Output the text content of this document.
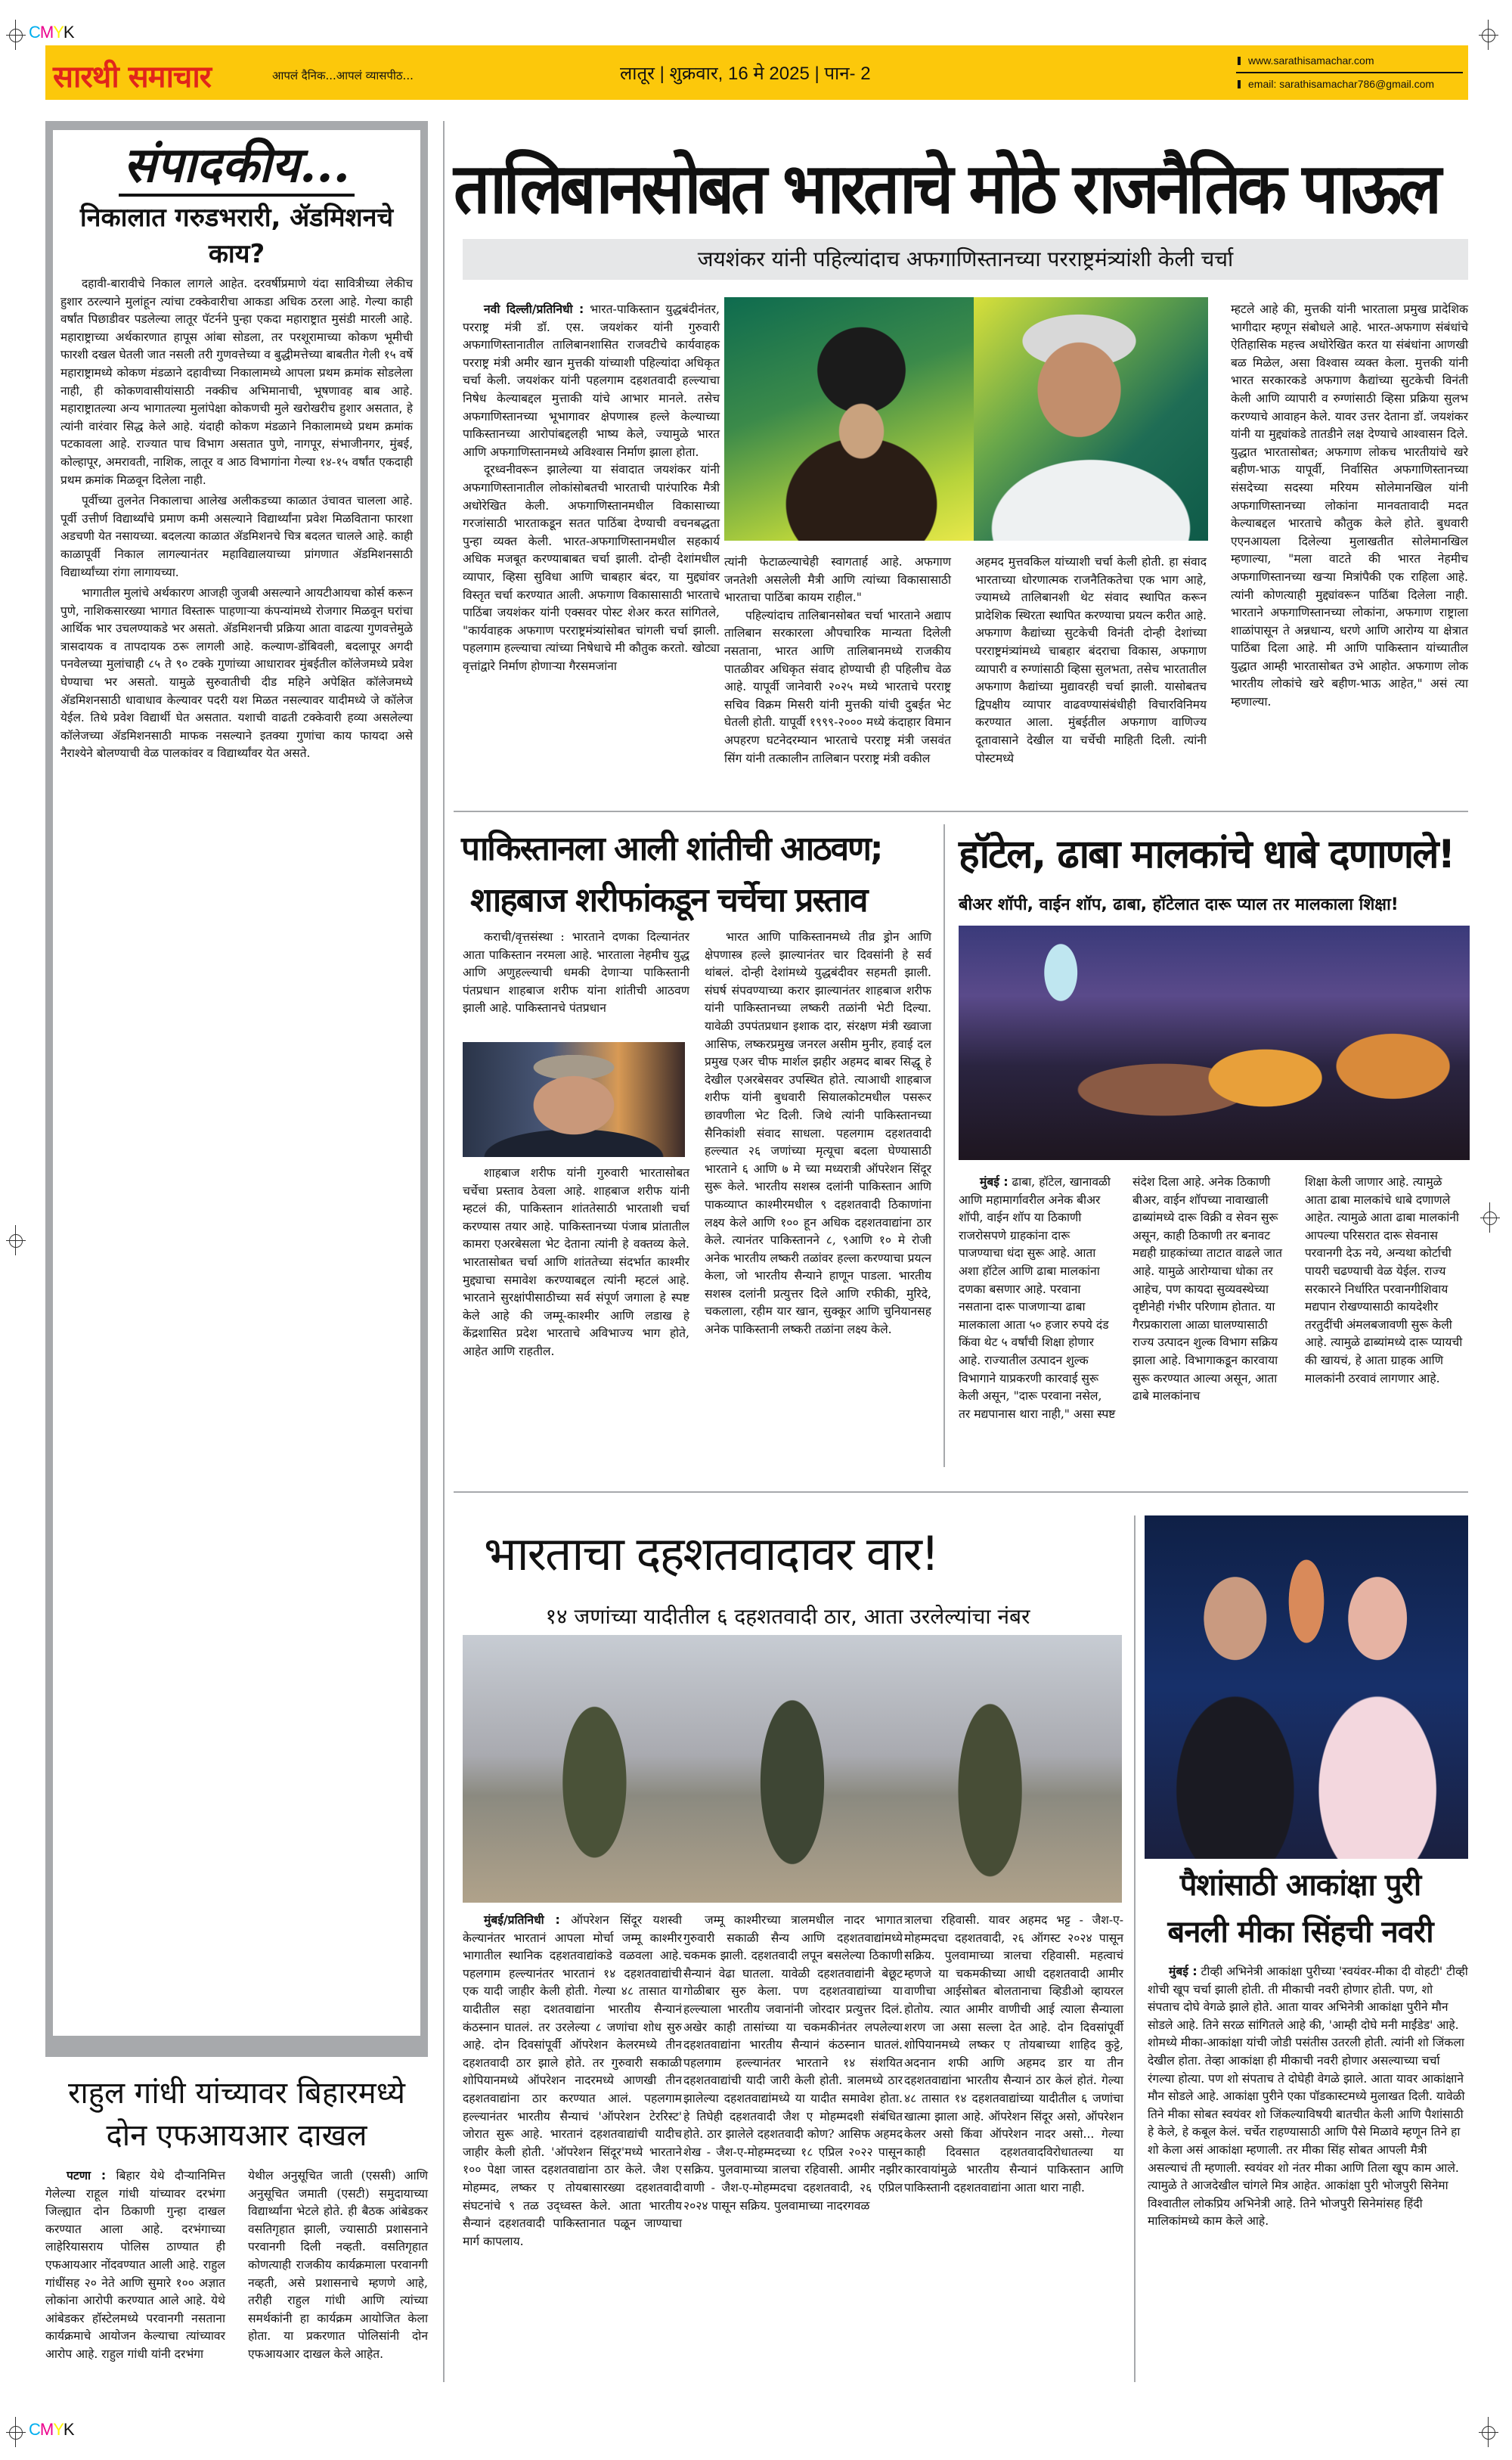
CMYK
CMYK
सारथी समाचार	आपलं दैनिक...आपलं व्यासपीठ...	लातूर | शुक्रवार, 16 मे 2025 | पान- 2
www.sarathisamachar.com
email: sarathisamachar786@gmail.com
संपादकीय...
निकालात गरुडभरारी, ॲडमिशनचे काय?

दहावी-बारावीचे निकाल लागले आहेत. दरवर्षीप्रमाणे यंदा सावित्रीच्या लेकीच हुशार ठरल्याने मुलांहून त्यांचा टक्केवारीचा आकडा अधिक ठरला आहे. गेल्या काही वर्षांत पिछाडीवर पडलेल्या लातूर पॅटर्नने पुन्हा एकदा महाराष्ट्रात मुसंडी मारली आहे. महाराष्ट्राच्या अर्थकारणात हापूस आंबा सोडला, तर परशूरामाच्या कोकण भूमीची फारशी दखल घेतली जात नसली तरी गुणवत्तेच्या व बुद्धीमत्तेच्या बाबतीत गेली १५ वर्षे महाराष्ट्रामध्ये कोकण मंडळाने दहावीच्या निकालामध्ये आपला प्रथम क्रमांक सोडलेला नाही, ही कोकणवासीयांसाठी नक्कीच अभिमानाची, भूषणावह बाब आहे. महाराष्ट्रातल्या अन्य भागातल्या मुलांपेक्षा कोकणची मुले खरोखरीच हुशार असतात, हे त्यांनी वारंवार सिद्ध केले आहे. यंदाही कोकण मंडळाने निकालामध्ये प्रथम क्रमांक पटकावला आहे. राज्यात पाच विभाग असतात पुणे, नागपूर, संभाजीनगर, मुंबई, कोल्हापूर, अमरावती, नाशिक, लातूर व आठ विभागांना गेल्या १४-१५ वर्षांत एकदाही प्रथम क्रमांक मिळवून दिलेला नाही.

पूर्वीच्या तुलनेत निकालाचा आलेख अलीकडच्या काळात उंचावत चालला आहे. पूर्वी उत्तीर्ण विद्यार्थ्यांचे प्रमाण कमी असल्याने विद्यार्थ्यांना प्रवेश मिळविताना फारशा अडचणी येत नसायच्या. बदलत्या काळात ॲडमिशनचे चित्र बदलत चालले आहे. काही काळापूर्वी निकाल लागल्यानंतर महाविद्यालयाच्या प्रांगणात ॲडमिशनसाठी विद्यार्थ्यांच्या रांगा लागायच्या.

भागातील मुलांचे अर्थकारण आजही जुजबी असल्याने आयटीआयचा कोर्स करून पुणे, नाशिकसारख्या भागात विस्तारू पाहणाऱ्या कंपन्यांमध्ये रोजगार मिळवून घरांचा आर्थिक भार उचलण्याकडे भर असतो. ॲडमिशनची प्रक्रिया आता वाढत्या गुणवत्तेमुळे त्रासदायक व तापदायक ठरू लागली आहे. कल्याण-डोंबिवली, बदलापूर अगदी पनवेलच्या मुलांचाही ८५ ते ९० टक्के गुणांच्या आधारावर मुंबईतील कॉलेजमध्ये प्रवेश घेण्याचा भर असतो. यामुळे सुरुवातीची दीड महिने अपेक्षित कॉलेजमध्ये ॲडमिशनसाठी धावाधाव केल्यावर पदरी यश मिळत नसल्यावर यादीमध्ये जे कॉलेज येईल. तिथे प्रवेश विद्यार्थी घेत असतात. यशाची वाढती टक्केवारी हव्या असलेल्या कॉलेजच्या ॲडमिशनसाठी माफक नसल्याने इतक्या गुणांचा काय फायदा असे नैराश्येने बोलण्याची वेळ पालकांवर व विद्यार्थ्यांवर येत असते.

राहुल गांधी यांच्यावर बिहारमध्ये
दोन एफआयआर दाखल

पटणा : बिहार येथे दौऱ्यानिमित्त गेलेल्या राहूल गांधी यांच्यावर दरभंगा जिल्ह्यात दोन ठिकाणी गुन्हा दाखल करण्यात आला आहे. दरभंगाच्या लाहेरियासराय पोलिस ठाण्यात ही एफआयआर नोंदवण्यात आली आहे. राहुल गांधींसह २० नेते आणि सुमारे १०० अज्ञात लोकांना आरोपी करण्यात आले आहे. येथे आंबेडकर हॉस्टेलमध्ये परवानगी नसताना कार्यक्रमाचे आयोजन केल्याचा त्यांच्यावर आरोप आहे. राहुल गांधी यांनी दरभंगा

येथील अनुसूचित जाती (एससी) आणि अनुसूचित जमाती (एसटी) समुदायाच्या विद्यार्थ्यांना भेटले होते. ही बैठक आंबेडकर वसतिगृहात झाली, ज्यासाठी प्रशासनाने परवानगी दिली नव्हती. वसतिगृहात कोणत्याही राजकीय कार्यक्रमाला परवानगी नव्हती, असे प्रशासनाचे म्हणणे आहे, तरीही राहुल गांधी आणि त्यांच्या समर्थकांनी हा कार्यक्रम आयोजित केला होता. या प्रकरणात पोलिसांनी दोन एफआयआर दाखल केले आहेत.

तालिबानसोबत भारताचे मोठे राजनैतिक पाऊल
जयशंकर यांनी पहिल्यांदाच अफगाणिस्तानच्या परराष्ट्रमंत्र्यांशी केली चर्चा

नवी दिल्ली/प्रतिनिधी : भारत-पाकिस्तान युद्धबंदीनंतर, परराष्ट्र मंत्री डॉ. एस. जयशंकर यांनी गुरुवारी अफगाणिस्तानातील तालिबानशासित राजवटीचे कार्यवाहक परराष्ट्र मंत्री अमीर खान मुत्तकी यांच्याशी पहिल्यांदा अधिकृत चर्चा केली. जयशंकर यांनी पहलगाम दहशतवादी हल्ल्याचा निषेध केल्याबद्दल मुत्ताकी यांचे आभार मानले. तसेच अफगाणिस्तानच्या भूभागावर क्षेपणास्त्र हल्ले केल्याच्या पाकिस्तानच्या आरोपांबद्दलही भाष्य केले, ज्यामुळे भारत आणि अफगाणिस्तानमध्ये अविश्वास निर्माण झाला होता.

दूरध्वनीवरून झालेल्या या संवादात जयशंकर यांनी अफगाणिस्तानातील लोकांसोबतची भारताची पारंपारिक मैत्री अधोरेखित केली. अफगाणिस्तानमधील विकासाच्या गरजांसाठी भारताकडून सतत पाठिंबा देण्याची वचनबद्धता पुन्हा व्यक्त केली. भारत-अफगाणिस्तानमधील सहकार्य अधिक मजबूत करण्याबाबत चर्चा झाली. दोन्ही देशांमधील व्यापार, व्हिसा सुविधा आणि चाबहार बंदर, या मुद्द्यांवर विस्तृत चर्चा करण्यात आली. अफगाण विकासासाठी भारताचे पाठिंबा जयशंकर यांनी एक्सवर पोस्ट शेअर करत सांगितले, "कार्यवाहक अफगाण परराष्ट्रमंत्र्यांसोबत चांगली चर्चा झाली. पहलगाम हल्ल्याचा त्यांच्या निषेधाचे मी कौतुक करतो. खोट्या वृत्तांद्वारे निर्माण होणाऱ्या गैरसमजांना

त्यांनी फेटाळल्याचेही स्वागतार्ह आहे. अफगाण जनतेशी असलेली मैत्री आणि त्यांच्या विकासासाठी भारताचा पाठिंबा कायम राहील."

पहिल्यांदाच तालिबानसोबत चर्चा भारताने अद्याप तालिबान सरकारला औपचारिक मान्यता दिलेली नसताना, भारत आणि तालिबानमध्ये राजकीय पातळीवर अधिकृत संवाद होण्याची ही पहिलीच वेळ आहे. यापूर्वी जानेवारी २०२५ मध्ये भारताचे परराष्ट्र सचिव विक्रम मिसरी यांनी मुत्तकी यांची दुबईत भेट घेतली होती. यापूर्वी १९९९-२००० मध्ये कंदाहार विमान अपहरण घटनेदरम्यान भारताचे परराष्ट्र मंत्री जसवंत सिंग यांनी तत्कालीन तालिबान परराष्ट्र मंत्री वकील

अहमद मुत्तवकिल यांच्याशी चर्चा केली होती. हा संवाद भारताच्या धोरणात्मक राजनैतिकतेचा एक भाग आहे, ज्यामध्ये तालिबानशी थेट संवाद स्थापित करून प्रादेशिक स्थिरता स्थापित करण्याचा प्रयत्न करीत आहे. अफगाण कैद्यांच्या सुटकेची विनंती दोन्ही देशांच्या परराष्ट्रमंत्र्यांमध्ये चाबहार बंदराचा विकास, अफगाण व्यापारी व रुग्णांसाठी व्हिसा सुलभता, तसेच भारतातील अफगाण कैद्यांच्या मुद्यावरही चर्चा झाली. यासोबतच द्विपक्षीय व्यापार वाढवण्यासंबंधीही विचारविनिमय करण्यात आला. मुंबईतील अफगाण वाणिज्य दूतावासाने देखील या चर्चेची माहिती दिली. त्यांनी पोस्टमध्ये

म्हटले आहे की, मुत्तकी यांनी भारताला प्रमुख प्रादेशिक भागीदार म्हणून संबोधले आहे. भारत-अफगाण संबंधांचे ऐतिहासिक महत्त्व अधोरेखित करत या संबंधांना आणखी बळ मिळेल, असा विश्वास व्यक्त केला. मुत्तकी यांनी भारत सरकारकडे अफगाण कैद्यांच्या सुटकेची विनंती केली आणि व्यापारी व रुग्णांसाठी व्हिसा प्रक्रिया सुलभ करण्याचे आवाहन केले. यावर उत्तर देताना डॉ. जयशंकर यांनी या मुद्द्यांकडे तातडीने लक्ष देण्याचे आश्वासन दिले. युद्धात भारतासोबत; अफगाण लोकच भारतीयांचे खरे बहीण-भाऊ यापूर्वी, निर्वासित अफगाणिस्तानच्या संसदेच्या सदस्या मरियम सोलेमानखिल यांनी अफगाणिस्तानच्या लोकांना मानवतावादी मदत केल्याबद्दल भारताचे कौतुक केले होते. बुधवारी एएनआयला दिलेल्या मुलाखतीत सोलेमानखिल म्हणाल्या, "मला वाटते की भारत नेहमीच अफगाणिस्तानच्या खऱ्या मित्रांपैकी एक राहिला आहे. त्यांनी कोणत्याही मुद्द्यांवरून पाठिंबा दिलेला नाही. भारताने अफगाणिस्तानच्या लोकांना, अफगाण राष्ट्राला शाळांपासून ते अन्नधान्य, धरणे आणि आरोग्य या क्षेत्रात पाठिंबा दिला आहे. मी आणि पाकिस्तान यांच्यातील युद्धात आम्ही भारतासोबत उभे आहोत. अफगाण लोक भारतीय लोकांचे खरे बहीण-भाऊ आहेत," असं त्या म्हणाल्या.

पाकिस्तानला आली शांतीची आठवण;
शाहबाज शरीफांकडून चर्चेचा प्रस्ताव

कराची/वृत्तसंस्था : भारताने दणका दिल्यानंतर आता पाकिस्तान नरमला आहे. भारताला नेहमीच युद्ध आणि अणुहल्ल्याची धमकी देणाऱ्या पाकिस्तानी पंतप्रधान शाहबाज शरीफ यांना शांतीची आठवण झाली आहे. पाकिस्तानचे पंतप्रधान

शाहबाज शरीफ यांनी गुरुवारी भारतासोबत चर्चेचा प्रस्ताव ठेवला आहे. शाहबाज शरीफ यांनी म्हटलं की, पाकिस्तान शांततेसाठी भारताशी चर्चा करण्यास तयार आहे. पाकिस्तानच्या पंजाब प्रांतातील कामरा एअरबेसला भेट देताना त्यांनी हे वक्तव्य केले. भारतासोबत चर्चा आणि शांततेच्या संदर्भात काश्मीर मुद्द्याचा समावेश करण्याबद्दल त्यांनी म्हटलं आहे. भारताने सुरक्षांपीसाठीच्या सर्व संपूर्ण जगाला हे स्पष्ट केले आहे की जम्मू-काश्मीर आणि लडाख हे केंद्रशासित प्रदेश भारताचे अविभाज्य भाग होते, आहेत आणि राहतील.

भारत आणि पाकिस्तानमध्ये तीव्र ड्रोन आणि क्षेपणास्त्र हल्ले झाल्यानंतर चार दिवसांनी हे सर्व थांबलं. दोन्ही देशांमध्ये युद्धबंदीवर सहमती झाली. संघर्ष संपवण्याच्या करार झाल्यानंतर शाहबाज शरीफ यांनी पाकिस्तानच्या लष्करी तळांनी भेटी दिल्या. यावेळी उपपंतप्रधान इशाक दार, संरक्षण मंत्री ख्वाजा आसिफ, लष्करप्रमुख जनरल असीम मुनीर, हवाई दल प्रमुख एअर चीफ मार्शल झहीर अहमद बाबर सिद्धू हे देखील एअरबेसवर उपस्थित होते. त्याआधी शाहबाज शरीफ यांनी बुधवारी सियालकोटमधील पसरूर छावणीला भेट दिली. जिथे त्यांनी पाकिस्तानच्या सैनिकांशी संवाद साधला. पहलगाम दहशतवादी हल्ल्यात २६ जणांच्या मृत्यूचा बदला घेण्यासाठी भारताने ६ आणि ७ मे च्या मध्यरात्री ऑपरेशन सिंदूर सुरू केले. भारतीय सशस्त्र दलांनी पाकिस्तान आणि पाकव्याप्त काश्मीरमधील ९ दहशतवादी ठिकाणांना लक्ष्य केले आणि १०० हून अधिक दहशतवाद्यांना ठार केले. त्यानंतर पाकिस्तानने ८, ९आणि १० मे रोजी अनेक भारतीय लष्करी तळांवर हल्ला करण्याचा प्रयत्न केला, जो भारतीय सैन्याने हाणून पाडला. भारतीय सशस्त्र दलांनी प्रत्युत्तर दिले आणि रफीकी, मुरिदे, चकलाला, रहीम यार खान, सुक्कूर आणि चुनियानसह अनेक पाकिस्तानी लष्करी तळांना लक्ष्य केले.

हॉटेल, ढाबा मालकांचे धाबे दणाणले!
बीअर शॉपी, वाईन शॉप, ढाबा, हॉटेलात दारू प्याल तर मालकाला शिक्षा!

मुंबई : ढाबा, हॉटेल, खानावळी आणि महामार्गावरील अनेक बीअर शॉपी, वाईन शॉप या ठिकाणी राजरोसपणे ग्राहकांना दारू पाजण्याचा धंदा सुरू आहे. आता अशा हॉटेल आणि ढाबा मालकांना दणका बसणार आहे. परवाना नसताना दारू पाजणाऱ्या ढाबा मालकाला आता ५० हजार रुपये दंड किंवा थेट ५ वर्षांची शिक्षा होणार आहे. राज्यातील उत्पादन शुल्क विभागाने याप्रकरणी कारवाई सुरू केली असून, "दारू परवाना नसेल, तर मद्यपानास थारा नाही," असा स्पष्ट

संदेश दिला आहे. अनेक ठिकाणी बीअर, वाईन शॉपच्या नावाखाली ढाब्यांमध्ये दारू विक्री व सेवन सुरू असून, काही ठिकाणी तर बनावट मद्यही ग्राहकांच्या ताटात वाढले जात आहे. यामुळे आरोग्याचा धोका तर आहेच, पण कायदा सुव्यवस्थेच्या दृष्टीनेही गंभीर परिणाम होतात. या गैरप्रकाराला आळा घालण्यासाठी राज्य उत्पादन शुल्क विभाग सक्रिय झाला आहे. विभागाकडून कारवाया सुरू करण्यात आल्या असून, आता ढाबे मालकांनाच

शिक्षा केली जाणार आहे. त्यामुळे आता ढाबा मालकांचे धाबे दणाणले आहेत. त्यामुळे आता ढाबा मालकांनी आपल्या परिसरात दारू सेवनास परवानगी देऊ नये, अन्यथा कोर्टाची पायरी चढण्याची वेळ येईल. राज्य सरकारने निर्धारित परवानगीशिवाय मद्यपान रोखण्यासाठी कायदेशीर तरतुदींची अंमलबजावणी सुरू केली आहे. त्यामुळे ढाब्यांमध्ये दारू प्यायची की खायचं, हे आता ग्राहक आणि मालकांनी ठरवावं लागणार आहे.

भारताचा दहशतवादावर वार!
१४ जणांच्या यादीतील ६ दहशतवादी ठार, आता उरलेल्यांचा नंबर

मुंबई/प्रतिनिधी : ऑपरेशन सिंदूर यशस्वी केल्यानंतर भारतानं आपला मोर्चा जम्मू काश्मीर भागातील स्थानिक दहशतवाद्यांकडे वळवला आहे. पहलगाम हल्ल्यानंतर भारतानं १४ दहशतवाद्यांची एक यादी जाहीर केली होती. गेल्या ४८ तासात या यादीतील सहा दशतवाद्यांना भारतीय सैन्यानं कंठस्नान घातलं. तर उरलेल्या ८ जणांचा शोध सुरु आहे. दोन दिवसांपूर्वी ऑपरेशन केलरमध्ये तीन दहशतवादी ठार झाले होते. तर गुरुवारी सकाळी शोपियानमध्ये ऑपरेशन नादरमध्ये आणखी तीन दहशतवाद्यांना ठार करण्यात आलं. पहलगाम हल्ल्यानंतर भारतीय सैन्याचं 'ऑपरेशन टेररिस्ट' जोरात सुरू आहे. भारतानं दहशतवाद्यांची यादीच जाहीर केली होती. 'ऑपरेशन सिंदूर'मध्ये भारताने १०० पेक्षा जास्त दहशतवाद्यांना ठार केले. जैश ए मोहम्मद, लष्कर ए तोयबासारख्या दहशतवादी संघटनांचे ९ तळ उद्ध्वस्त केले. आता भारतीय सैन्यानं दहशतवादी पाकिस्तानात पळून जाण्याचा मार्ग कापलाय.

जम्मू काश्मीरच्या त्रालमधील नादर भागात गुरुवारी सकाळी सैन्य आणि दहशतवाद्यांमध्ये चकमक झाली. दहशतवादी लपून बसलेल्या ठिकाणी सैन्यानं वेढा घातला. यावेळी दहशतवाद्यांनी बेछूट गोळीबार सुरु केला. पण दहशतवाद्यांच्या या हल्ल्याला भारतीय जवानांनी जोरदार प्रत्युत्तर दिलं. अखेर काही तासांच्या या चकमकीनंतर लपलेल्या दहशतवाद्यांना भारतीय सैन्यानं कंठस्नान घातलं. पहलगाम हल्ल्यानंतर भारताने १४ संशयित दहशतवाद्यांची यादी जारी केली होती. त्रालमध्ये ठार झालेल्या दहशतवाद्यांमध्ये या यादीत समावेश होता. हे तिघेही दहशतवादी जैश ए मोहम्मदशी संबंधित होते. ठार झालेले दहशतवादी कोण? आसिफ अहमद शेख - जैश-ए-मोहम्मदच्या १८ एप्रिल २०२२ पासून सक्रिय. पुलवामाच्या त्रालचा रहिवासी. आमीर नझीर वाणी - जैश-ए-मोहम्मदचा दहशतवादी, २६ एप्रिल २०२४ पासून सक्रिय. पुलवामाच्या नादरगवळ

त्रालचा रहिवासी. यावर अहमद भट्ट - जैश-ए-मोहम्मदचा दहशतवादी, २६ ऑगस्ट २०२४ पासून सक्रिय. पुलवामाच्या त्रालचा रहिवासी. महत्वाचं म्हणजे या चकमकीच्या आधी दहशतवादी आमीर वाणीचा आईसोबत बोलतानाचा व्हिडीओ व्हायरल होतोय. त्यात आमीर वाणीची आई त्याला सैन्याला शरण जा असा सल्ला देत आहे. दोन दिवसांपूर्वी शोपियानमध्ये लष्कर ए तोयबाच्या शाहिद कुट्टे, अदनान शफी आणि अहमद डार या तीन दहशतवाद्यांना भारतीय सैन्यानं ठार केलं होतं. गेल्या ४८ तासात १४ दहशतवाद्यांच्या यादीतील ६ जणांचा खात्मा झाला आहे. ऑपरेशन सिंदूर असो, ऑपरेशन केलर असो किंवा ऑपरेशन नादर असो... गेल्या काही दिवसात दहशतवादविरोधातल्या या कारवायांमुळे भारतीय सैन्यानं पाकिस्तान आणि पाकिस्तानी दहशतवाद्यांना आता थारा नाही.

पैशांसाठी आकांक्षा पुरी
बनली मीका सिंहची नवरी

मुंबई : टीव्ही अभिनेत्री आकांक्षा पुरीच्या 'स्वयंवर-मीका दी वोहटी' टीव्ही शोची खूप चर्चा झाली होती. ती मीकाची नवरी होणार होती. पण, शो संपताच दोघे वेगळे झाले होते. आता यावर अभिनेत्री आकांक्षा पुरीने मौन सोडले आहे. तिने सरळ सांगितले आहे की, 'आम्ही दोघे मनी माईंडेड' आहे. शोमध्ये मीका-आकांक्षा यांची जोडी पसंतीस उतरली होती. त्यांनी शो जिंकला देखील होता. तेव्हा आकांक्षा ही मीकाची नवरी होणार असल्याच्या चर्चा रंगल्या होत्या. पण शो संपताच ते दोघेही वेगळे झाले. आता यावर आकांक्षाने मौन सोडले आहे. आकांक्षा पुरीने एका पॉडकास्टमध्ये मुलाखत दिली. यावेळी तिने मीका सोबत स्वयंवर शो जिंकल्याविषयी बातचीत केली आणि पैशांसाठी हे केले, हे कबूल केलं. चर्चेत राहण्यासाठी आणि पैसे मिळावे म्हणून तिने हा शो केला असं आकांक्षा म्हणाली. तर मीका सिंह सोबत आपली मैत्री असल्याचं ती म्हणाली. स्वयंवर शो नंतर मीका आणि तिला खूप काम आले. त्यामुळे ते आजदेखील चांगले मित्र आहेत. आकांक्षा पुरी भोजपुरी सिनेमा विश्वातील लोकप्रिय अभिनेत्री आहे. तिने भोजपुरी सिनेमांसह हिंदी मालिकांमध्ये काम केले आहे.
